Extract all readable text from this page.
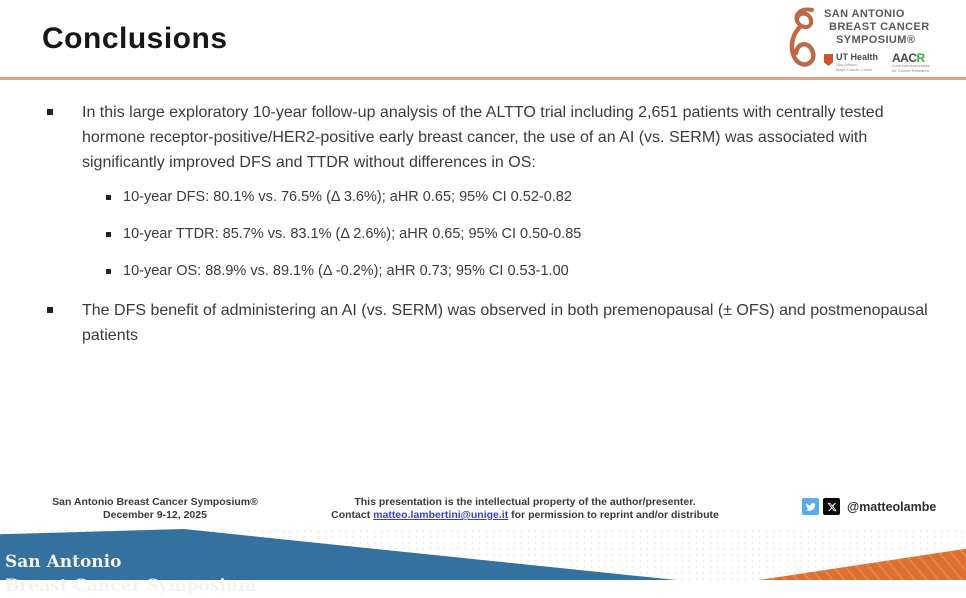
Conclusions
SAN ANTONIO
BREAST CANCER
SYMPOSIUM®
UT Health
San Antonio
Mays Cancer Center
AACR
American Association
for Cancer Research
In this large exploratory 10-year follow-up analysis of the ALTTO trial including 2,651 patients with centrally tested hormone receptor-positive/HER2-positive early breast cancer, the use of an AI (vs. SERM) was associated with significantly improved DFS and TTDR without differences in OS:
10-year DFS: 80.1% vs. 76.5% (Δ 3.6%); aHR 0.65; 95% CI 0.52-0.82
10-year TTDR: 85.7% vs. 83.1% (Δ 2.6%); aHR 0.65; 95% CI 0.50-0.85
10-year OS: 88.9% vs. 89.1% (Δ -0.2%); aHR 0.73; 95% CI 0.53-1.00
The DFS benefit of administering an AI (vs. SERM) was observed in both premenopausal (± OFS) and postmenopausal patients
San Antonio Breast Cancer Symposium®
December 9-12, 2025
This presentation is the intellectual property of the author/presenter.
Contact matteo.lambertini@unige.it for permission to reprint and/or distribute
@matteolambe
San Antonio
Breast Cancer Symposium
